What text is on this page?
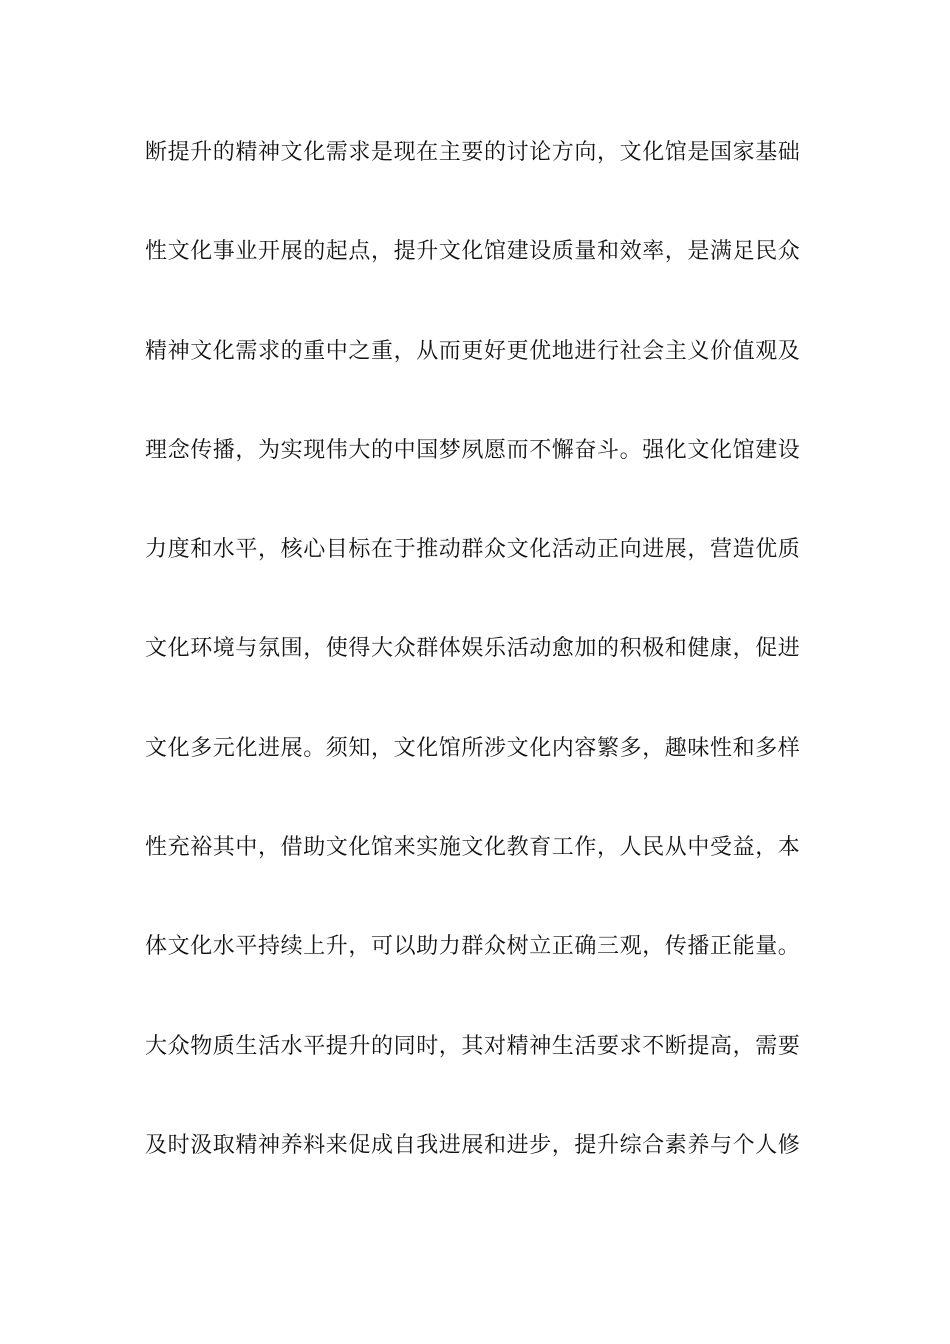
断提升的精神文化需求是现在主要的讨论方向，文化馆是国家基础
性文化事业开展的起点，提升文化馆建设质量和效率，是满足民众
精神文化需求的重中之重，从而更好更优地进行社会主义价值观及
理念传播，为实现伟大的中国梦夙愿而不懈奋斗。强化文化馆建设
力度和水平，核心目标在于推动群众文化活动正向进展，营造优质
文化环境与氛围，使得大众群体娱乐活动愈加的积极和健康，促进
文化多元化进展。须知，文化馆所涉文化内容繁多，趣味性和多样
性充裕其中，借助文化馆来实施文化教育工作，人民从中受益，本
体文化水平持续上升，可以助力群众树立正确三观，传播正能量。
大众物质生活水平提升的同时，其对精神生活要求不断提高，需要
及时汲取精神养料来促成自我进展和进步，提升综合素养与个人修
